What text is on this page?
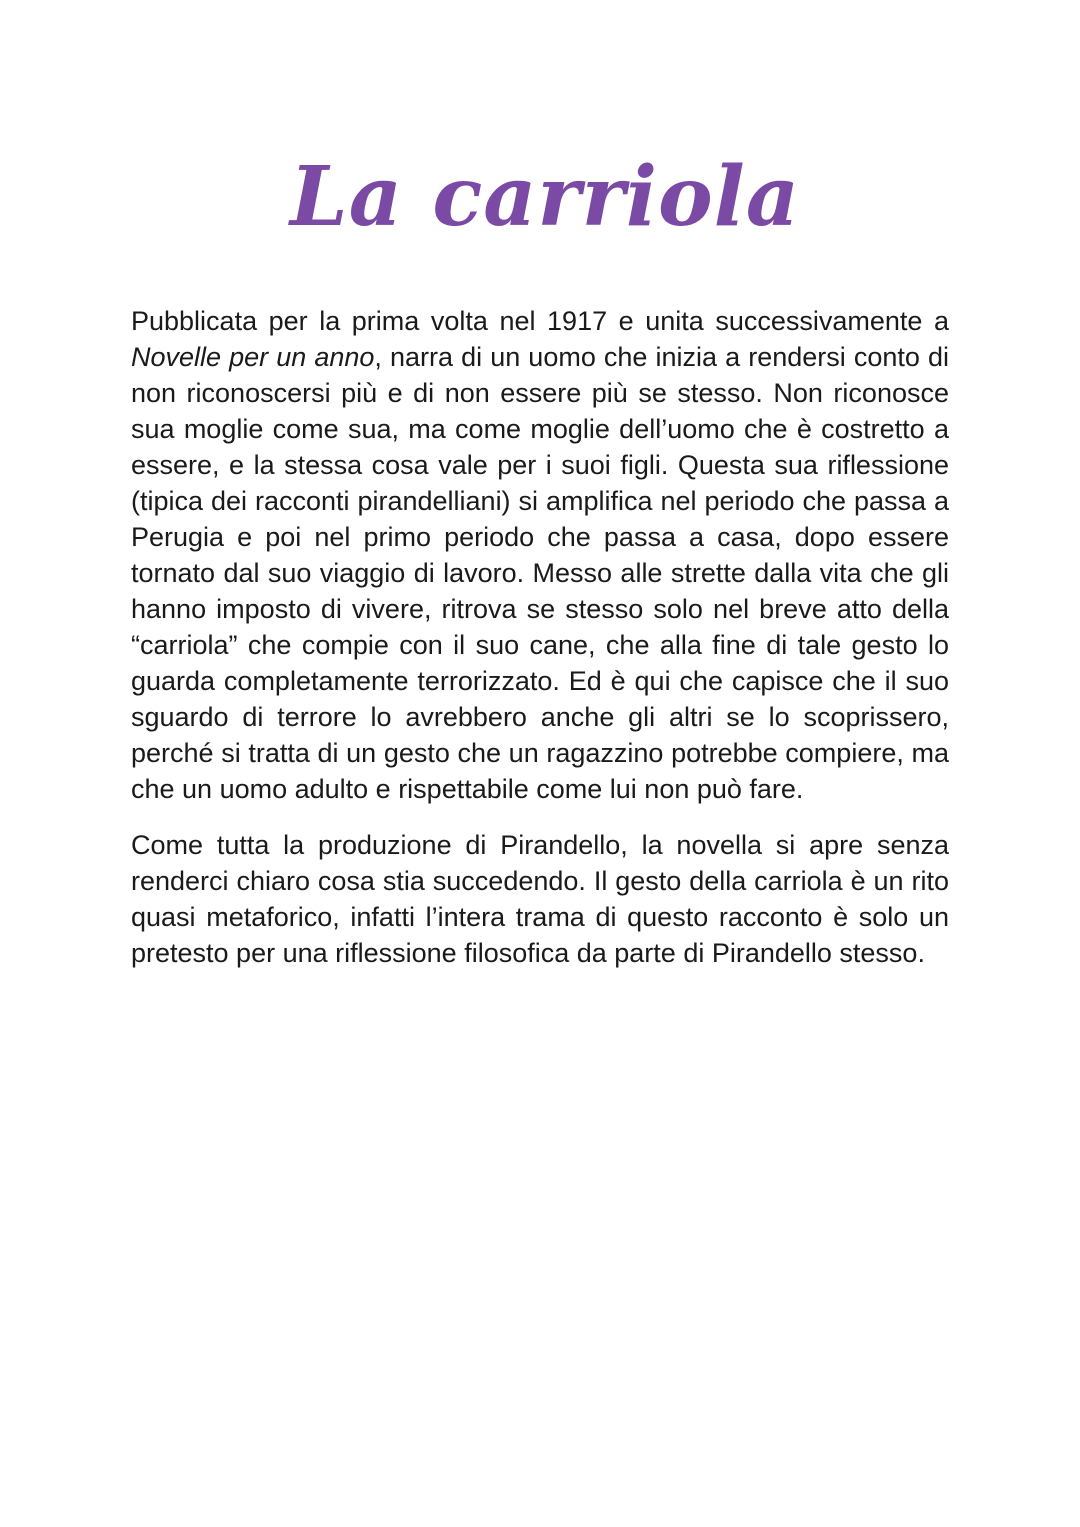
La carriola

Pubblicata per la prima volta nel 1917 e unita successivamente a Novelle per un anno, narra di un uomo che inizia a rendersi conto di non riconoscersi più e di non essere più se stesso. Non riconosce sua moglie come sua, ma come moglie dell’uomo che è costretto a essere, e la stessa cosa vale per i suoi figli. Questa sua riflessione (tipica dei racconti pirandelliani) si amplifica nel periodo che passa a Perugia e poi nel primo periodo che passa a casa, dopo essere tornato dal suo viaggio di lavoro. Messo alle strette dalla vita che gli hanno imposto di vivere, ritrova se stesso solo nel breve atto della “carriola” che compie con il suo cane, che alla fine di tale gesto lo guarda completamente terrorizzato. Ed è qui che capisce che il suo sguardo di terrore lo avrebbero anche gli altri se lo scoprissero, perché si tratta di un gesto che un ragazzino potrebbe compiere, ma che un uomo adulto e rispettabile come lui non può fare.

Come tutta la produzione di Pirandello, la novella si apre senza renderci chiaro cosa stia succedendo. Il gesto della carriola è un rito quasi metaforico, infatti l’intera trama di questo racconto è solo un pretesto per una riflessione filosofica da parte di Pirandello stesso.
